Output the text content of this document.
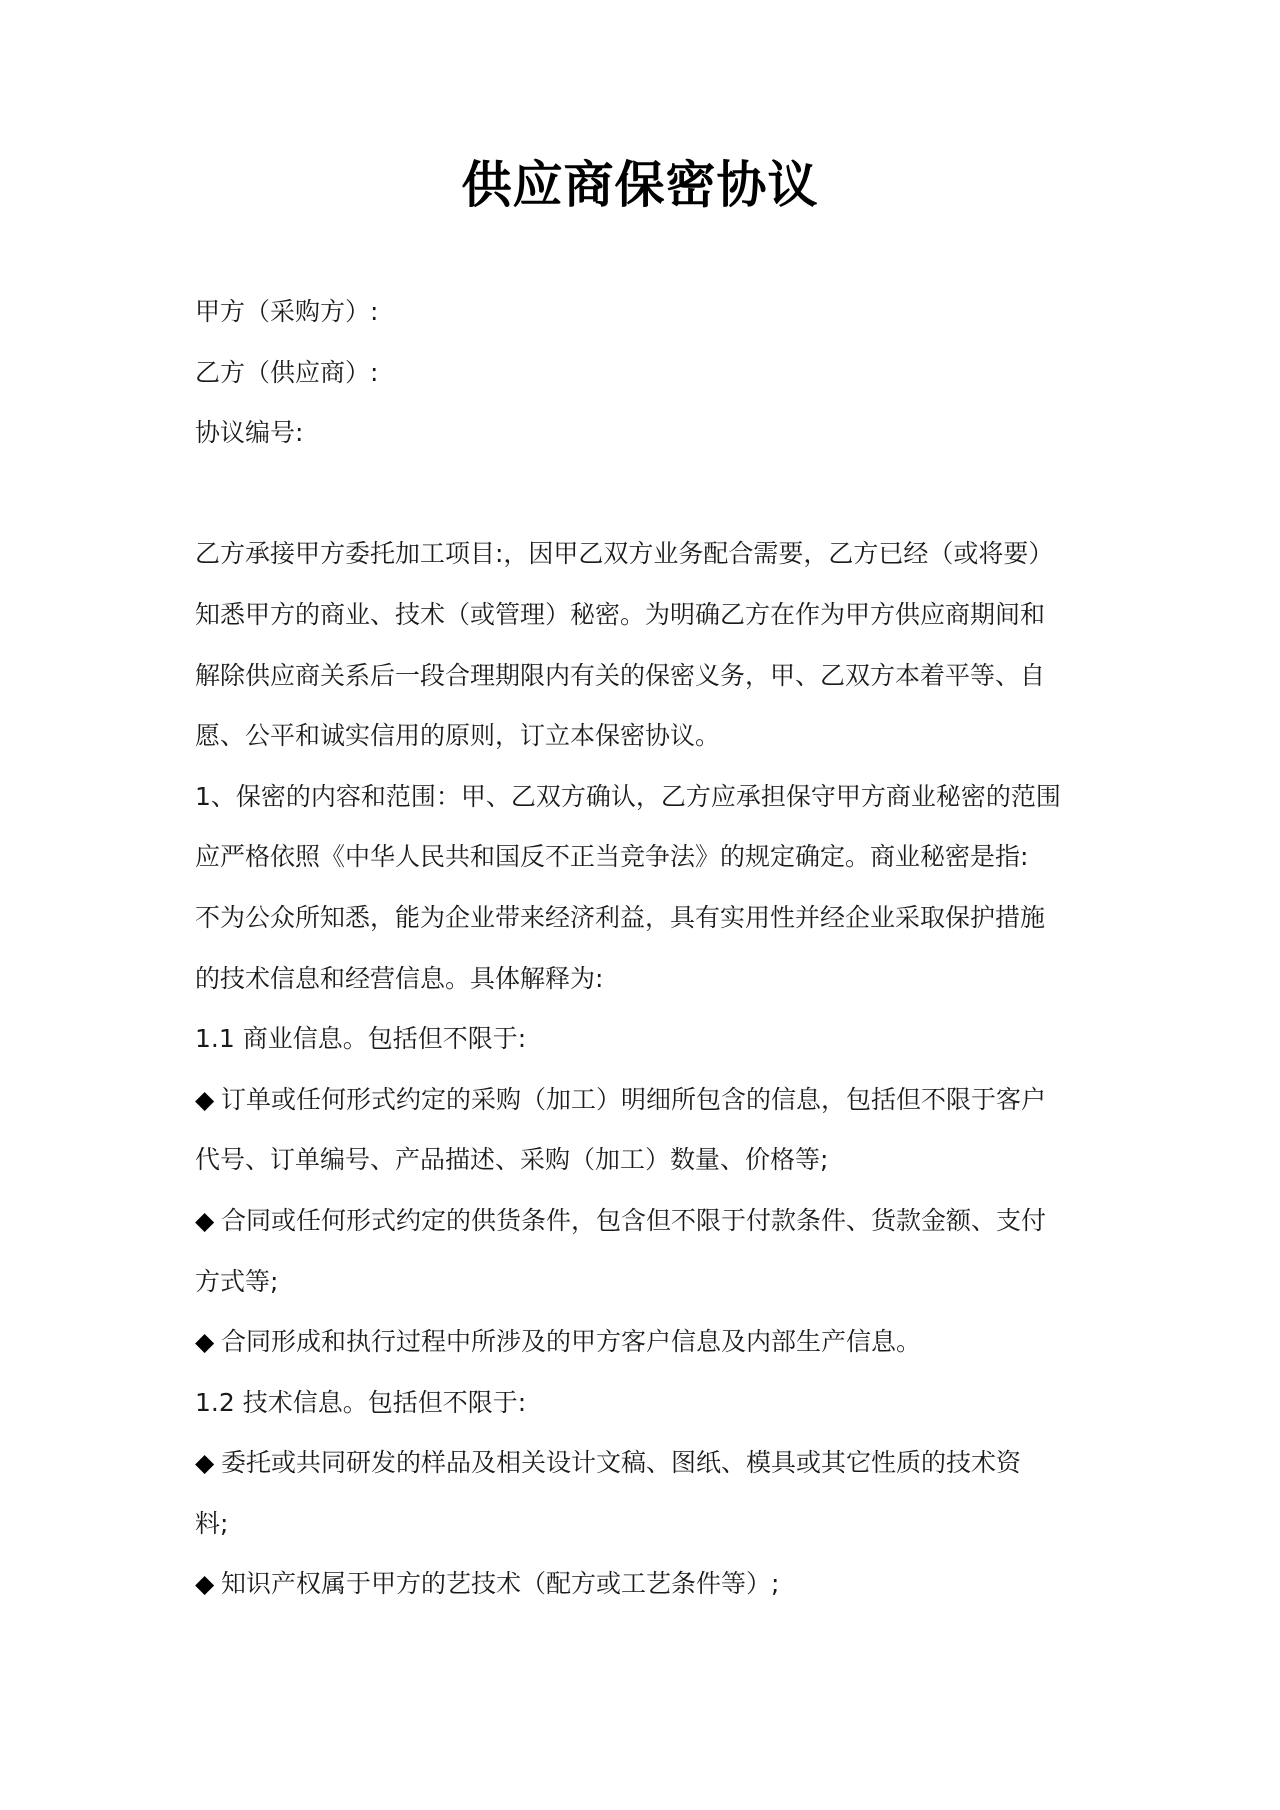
供应商保密协议
甲方（采购方）:
乙方（供应商）:
协议编号:
乙方承接甲方委托加工项目:，因甲乙双方业务配合需要，乙方已经（或将要）
知悉甲方的商业、技术（或管理）秘密。为明确乙方在作为甲方供应商期间和
解除供应商关系后一段合理期限内有关的保密义务，甲、乙双方本着平等、自
愿、公平和诚实信用的原则，订立本保密协议。
1、保密的内容和范围：甲、乙双方确认，乙方应承担保守甲方商业秘密的范围
应严格依照《中华人民共和国反不正当竞争法》的规定确定。商业秘密是指:
不为公众所知悉，能为企业带来经济利益，具有实用性并经企业采取保护措施
的技术信息和经营信息。具体解释为:
1.1 商业信息。包括但不限于:
◆ 订单或任何形式约定的采购（加工）明细所包含的信息，包括但不限于客户
代号、订单编号、产品描述、采购（加工）数量、价格等;
◆ 合同或任何形式约定的供货条件，包含但不限于付款条件、货款金额、支付
方式等;
◆ 合同形成和执行过程中所涉及的甲方客户信息及内部生产信息。
1.2 技术信息。包括但不限于:
◆ 委托或共同研发的样品及相关设计文稿、图纸、模具或其它性质的技术资
料;
◆ 知识产权属于甲方的艺技术（配方或工艺条件等）;
